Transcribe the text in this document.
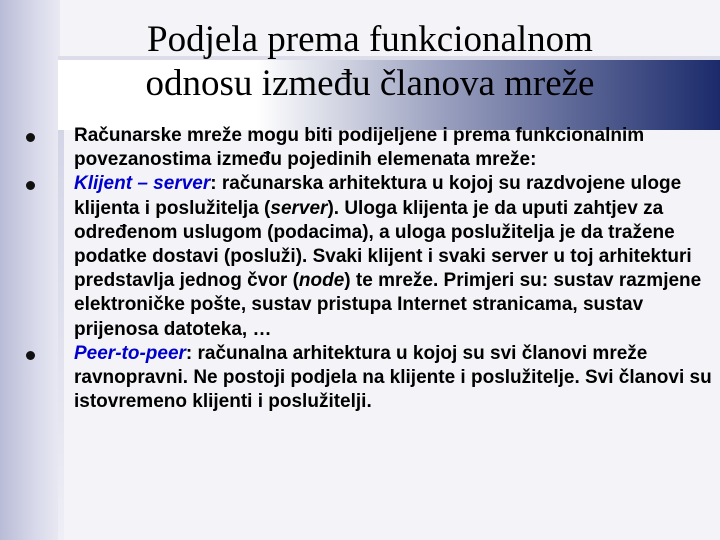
Podjela prema funkcionalnom
odnosu između članova mreže
Računarske mreže mogu biti podijeljene i prema funkcionalnim povezanostima između pojedinih elemenata mreže:
Klijent – server: računarska arhitektura u kojoj su razdvojene uloge klijenta i poslužitelja (server). Uloga klijenta je da uputi zahtjev za određenom uslugom (podacima), a uloga poslužitelja je da tražene podatke dostavi (posluži). Svaki klijent i svaki server u toj arhitekturi predstavlja jednog čvor (node) te mreže. Primjeri su: sustav razmjene elektroničke pošte, sustav pristupa Internet stranicama, sustav prijenosa datoteka, …
Peer-to-peer: računalna arhitektura u kojoj su svi članovi mreže ravnopravni. Ne postoji podjela na klijente i poslužitelje. Svi članovi su istovremeno klijenti i poslužitelji.
